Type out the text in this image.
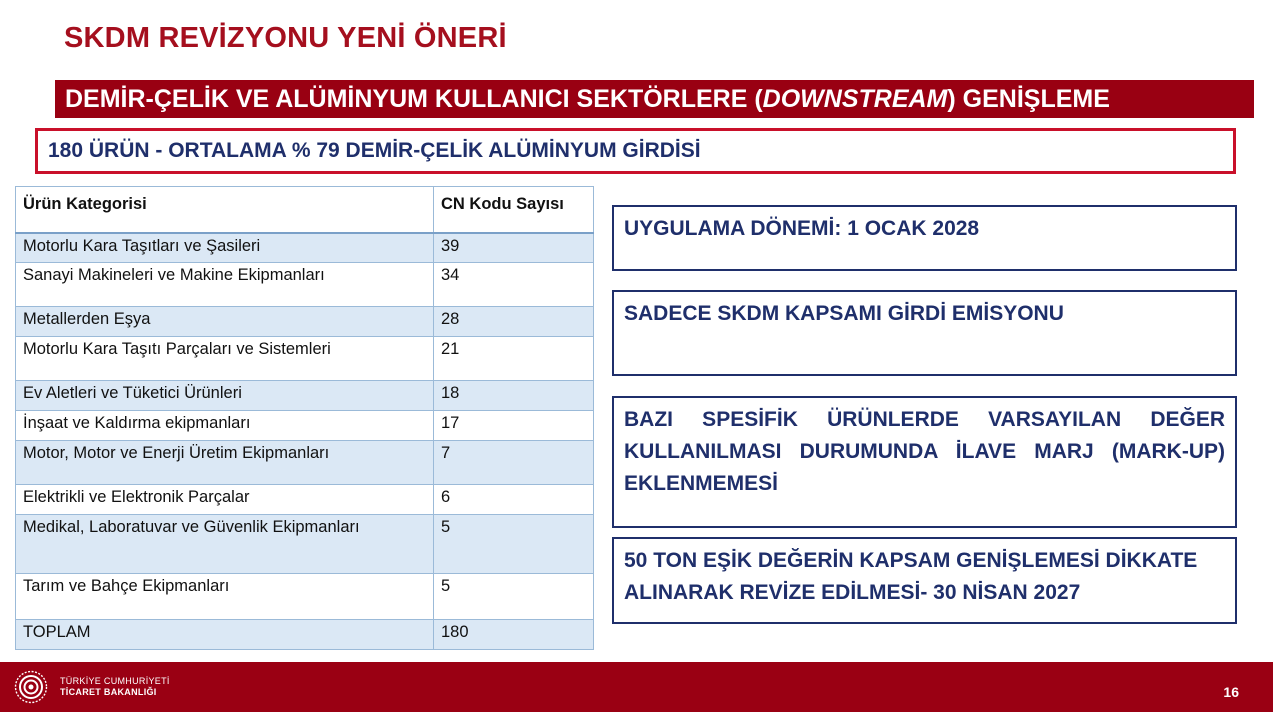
SKDM REVİZYONU YENİ ÖNERİ
DEMİR-ÇELİK VE ALÜMİNYUM KULLANICI SEKTÖRLERE (DOWNSTREAM) GENİŞLEME
180 ÜRÜN - ORTALAMA % 79 DEMİR-ÇELİK ALÜMİNYUM GİRDİSİ
Ürün Kategorisi	CN Kodu Sayısı
Motorlu Kara Taşıtları ve Şasileri	39
Sanayi Makineleri ve Makine Ekipmanları	34
Metallerden Eşya	28
Motorlu Kara Taşıtı Parçaları ve Sistemleri	21
Ev Aletleri ve Tüketici Ürünleri	18
İnşaat ve Kaldırma ekipmanları	17
Motor, Motor ve Enerji Üretim Ekipmanları	7
Elektrikli ve Elektronik Parçalar	6
Medikal, Laboratuvar ve Güvenlik Ekipmanları	5
Tarım ve Bahçe Ekipmanları	5
TOPLAM	180
UYGULAMA DÖNEMİ: 1 OCAK 2028
SADECE SKDM KAPSAMI GİRDİ EMİSYONU
BAZI SPESİFİK ÜRÜNLERDE VARSAYILAN DEĞER KULLANILMASI DURUMUNDA İLAVE MARJ (MARK-UP) EKLENMEMESİ
50 TON EŞİK DEĞERİN KAPSAM GENİŞLEMESİ DİKKATE ALINARAK REVİZE EDİLMESİ- 30 NİSAN 2027
TÜRKİYE CUMHURİYETİ
TİCARET BAKANLIĞI	16
